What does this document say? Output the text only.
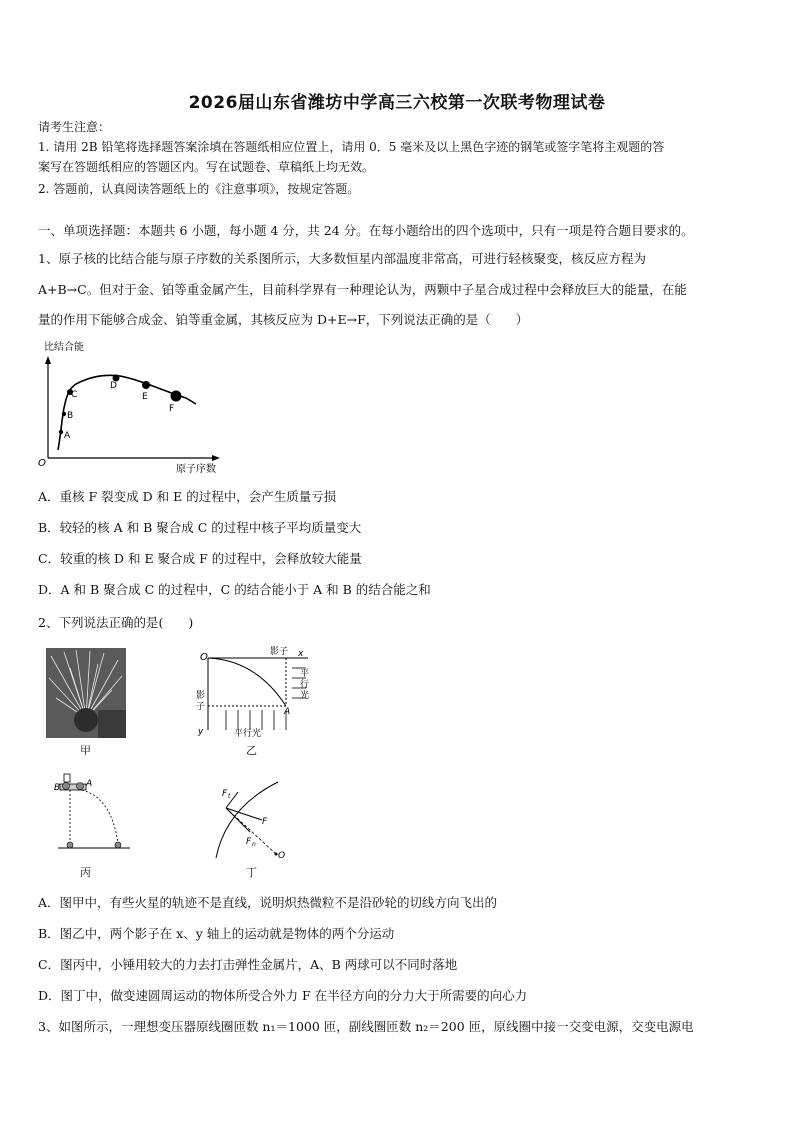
2026届山东省潍坊中学高三六校第一次联考物理试卷
请考生注意：
1. 请用 2B 铅笔将选择题答案涂填在答题纸相应位置上，请用 0．5 毫米及以上黑色字迹的钢笔或签字笔将主观题的答
案写在答题纸相应的答题区内。写在试题卷、草稿纸上均无效。
2. 答题前，认真阅读答题纸上的《注意事项》，按规定答题。
一、单项选择题：本题共 6 小题，每小题 4 分，共 24 分。在每小题给出的四个选项中，只有一项是符合题目要求的。
1、原子核的比结合能与原子序数的关系图所示，大多数恒星内部温度非常高，可进行轻核聚变，核反应方程为
A+B→C。但对于金、铂等重金属产生，目前科学界有一种理论认为，两颗中子星合成过程中会释放巨大的能量，在能
量的作用下能够合成金、铂等重金属，其核反应为 D+E→F，下列说法正确的是（　　）
比结合能
O
原子序数
A
B
C
D
E
F
A．重核 F 裂变成 D 和 E 的过程中，会产生质量亏损
B．较轻的核 A 和 B 聚合成 C 的过程中核子平均质量变大
C．较重的核 D 和 E 聚合成 F 的过程中，会释放较大能量
D．A 和 B 聚合成 C 的过程中，C 的结合能小于 A 和 B 的结合能之和
2、下列说法正确的是(　　)
甲
O	影子 x
A
平
行
光
影
子
y	平行光
乙
B	A
丙
O
F t
F
F n
丁
A．图甲中，有些火星的轨迹不是直线，说明炽热微粒不是沿砂轮的切线方向飞出的
B．图乙中，两个影子在 x、y 轴上的运动就是物体的两个分运动
C．图丙中，小锤用较大的力去打击弹性金属片，A、B 两球可以不同时落地
D．图丁中，做变速圆周运动的物体所受合外力 F 在半径方向的分力大于所需要的向心力
3、如图所示，一理想变压器原线圈匝数 n₁＝1000 匝，副线圈匝数 n₂＝200 匝，原线圈中接一交变电源，交变电源电
